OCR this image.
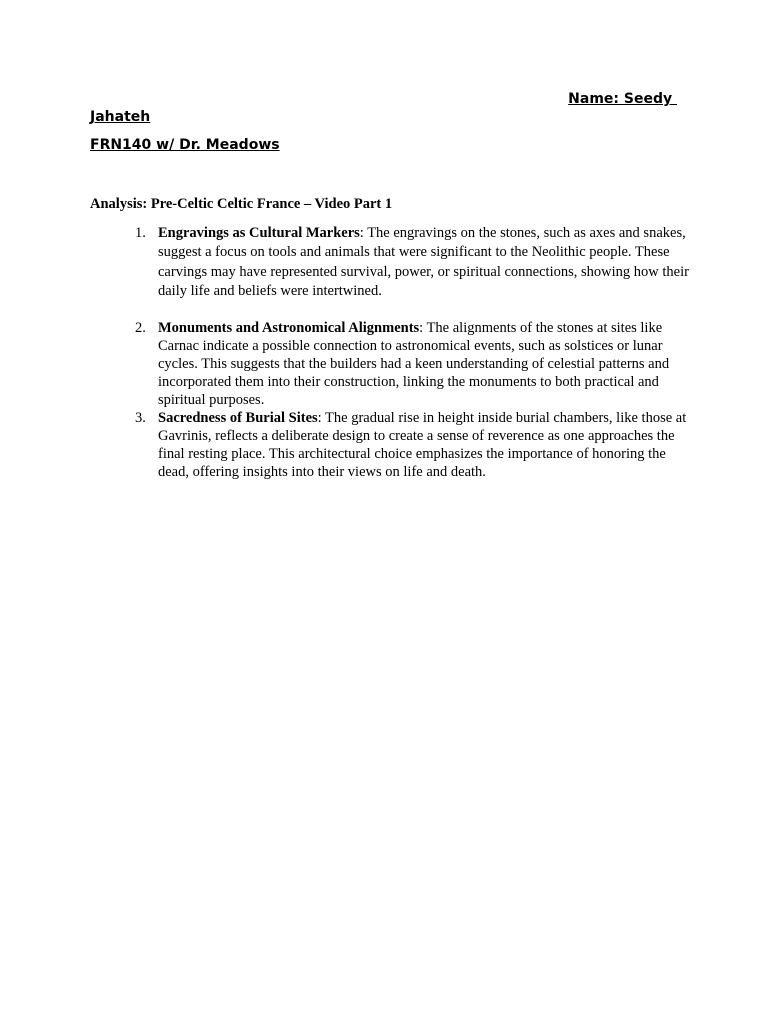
Name: Seedy
Jahateh
FRN140 w/ Dr. Meadows
Analysis: Pre-Celtic Celtic France – Video Part 1
1. Engravings as Cultural Markers: The engravings on the stones, such as axes and snakes, suggest a focus on tools and animals that were significant to the Neolithic people. These carvings may have represented survival, power, or spiritual connections, showing how their daily life and beliefs were intertwined.
2. Monuments and Astronomical Alignments: The alignments of the stones at sites like Carnac indicate a possible connection to astronomical events, such as solstices or lunar cycles. This suggests that the builders had a keen understanding of celestial patterns and incorporated them into their construction, linking the monuments to both practical and spiritual purposes.
3. Sacredness of Burial Sites: The gradual rise in height inside burial chambers, like those at Gavrinis, reflects a deliberate design to create a sense of reverence as one approaches the final resting place. This architectural choice emphasizes the importance of honoring the dead, offering insights into their views on life and death.
